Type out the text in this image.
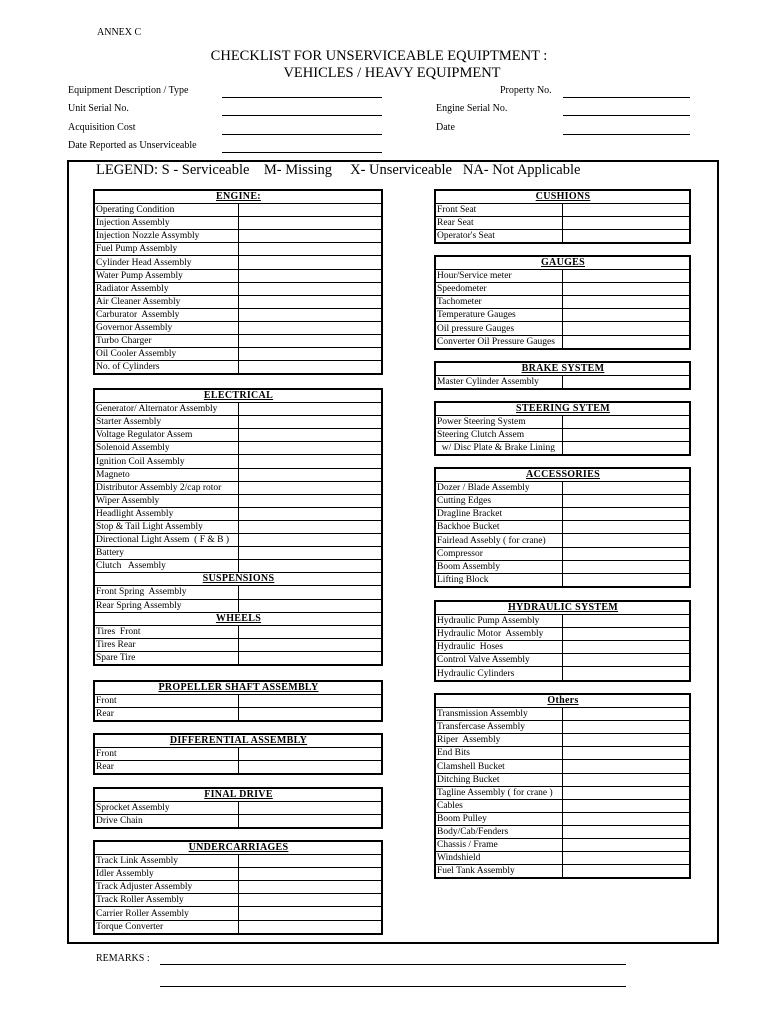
ANNEX C
CHECKLIST FOR UNSERVICEABLE EQUIPTMENT :
VEHICLES / HEAVY EQUIPMENT
Equipment Description / Type
Unit Serial No.
Acquisition Cost
Date Reported as Unserviceable
Property No.
Engine Serial No.
Date
LEGEND: S - Serviceable    M- Missing     X- Unserviceable   NA- Not Applicable
ENGINE:	
Operating Condition	
Injection Assembly	
Injection Nozzle Assymbly	
Fuel Pump Assembly	
Cylinder Head Assembly	
Water Pump Assembly	
Radiator Assembly	
Air Cleaner Assembly	
Carburator  Assembly	
Governor Assembly	
Turbo Charger	
Oil Cooler Assembly	
No. of Cylinders	
ELECTRICAL	
Generator/ Alternator Assembly	
Starter Assembly	
Voltage Regulator Assem	
Solenoid Assembly	
Ignition Coil Assembly	
Magneto	
Distributor Assembly 2/cap rotor	
Wiper Assembly	
Headlight Assembly	
Stop & Tail Light Assembly	
Directional Light Assem  ( F & B )	
Battery	
Clutch   Assembly	
SUSPENSIONS	
Front Spring  Assembly	
Rear Spring Assembly	
WHEELS	
Tires  Front	
Tires Rear	
Spare Tire	
PROPELLER SHAFT ASSEMBLY	
Front	
Rear	
DIFFERENTIAL ASSEMBLY	
Front	
Rear	
FINAL DRIVE	
Sprocket Assembly	
Drive Chain	
UNDERCARRIAGES	
Track Link Assembly	
Idler Assembly	
Track Adjuster Assembly	
Track Roller Assembly	
Carrier Roller Assembly	
Torque Converter	
CUSHIONS	
Front Seat	
Rear Seat	
Operator's Seat	
GAUGES	
Hour/Service meter	
Speedometer	
Tachometer	
Temperature Gauges	
Oil pressure Gauges	
Converter Oil Pressure Gauges	
BRAKE SYSTEM
Master Cylinder Assembly	
STEERING SYTEM	
Power Steering System	
Steering Clutch Assem	
w/ Disc Plate & Brake Lining	
ACCESSORIES	
Dozer / Blade Assembly	
Cutting Edges	
Dragline Bracket	
Backhoe Bucket	
Fairlead Assebly ( for crane)	
Compressor	
Boom Assembly	
Lifting Block	
HYDRAULIC SYSTEM	
Hydraulic Pump Assembly	
Hydraulic Motor  Assembly	
Hydraulic  Hoses	
Control Valve Assembly	
Hydraulic Cylinders	
Others	
Transmission Assembly	
Transfercase Assembly	
Riper  Assembly	
End Bits	
Clamshell Bucket	
Ditching Bucket	
Tagline Assembly ( for crane )	
Cables	
Boom Pulley	
Body/Cab/Fenders	
Chassis / Frame	
Windshield	
Fuel Tank Assembly	
REMARKS :
